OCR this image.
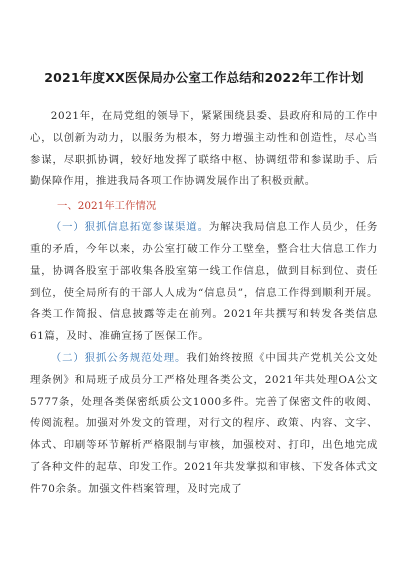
2021年度XX医保局办公室工作总结和2022年工作计划

2021年，在局党组的领导下，紧紧围绕县委、县政府和局的工作中心，以创新为动力，以服务为根本，努力增强主动性和创造性，尽心当参谋，尽职抓协调，较好地发挥了联络中枢、协调纽带和参谋助手、后勤保障作用，推进我局各项工作协调发展作出了积极贡献。

一、2021年工作情况

（一）狠抓信息拓宽参谋渠道。为解决我局信息工作人员少，任务重的矛盾，今年以来，办公室打破工作分工壁垒，整合壮大信息工作力量，协调各股室于部收集各股室第一线工作信息，做到目标到位、责任到位，使全局所有的干部人人成为“信息员”，信息工作得到顺利开展。各类工作简报、信息披露等走在前列。2021年共撰写和转发各类信息61篇，及时、准确宣扬了医保工作。

（二）狠抓公务规范处理。我们始终按照《中国共产党机关公文处理条例》和局班子成员分工严格处理各类公文，2021年共处理OA公文5777条，处理各类保密纸质公文1000多件。完善了保密文件的收阅、传阅流程。加强对外发文的管理，对行文的程序、政策、内容、文字、体式、印刷等环节解析严格限制与审核，加强校对、打印，出色地完成了各种文件的起草、印发工作。2021年共发掌拟和审核、下发各体式文件70余条。加强文件档案管理，及时完成了
